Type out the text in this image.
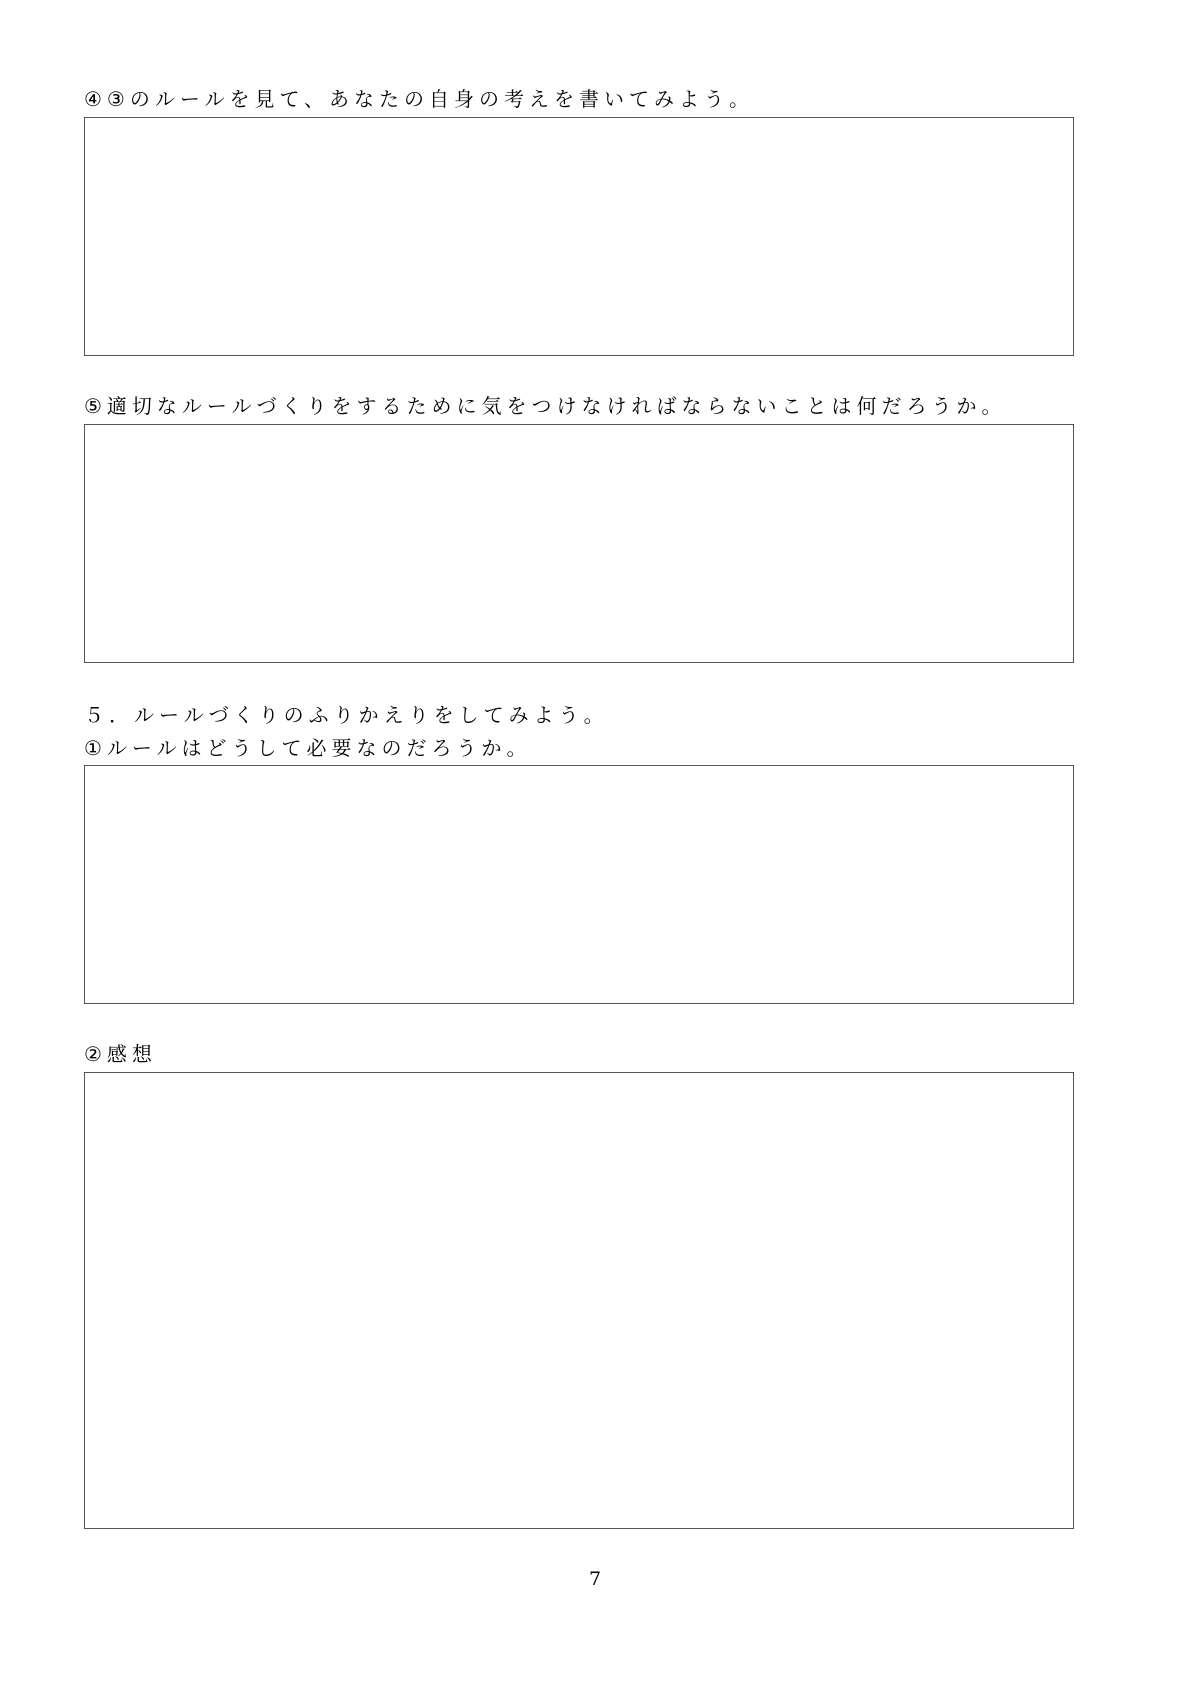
④③のルールを見て、あなたの自身の考えを書いてみよう。

⑤適切なルールづくりをするために気をつけなければならないことは何だろうか。

５．ルールづくりのふりかえりをしてみよう。

①ルールはどうして必要なのだろうか。

②感想

7
